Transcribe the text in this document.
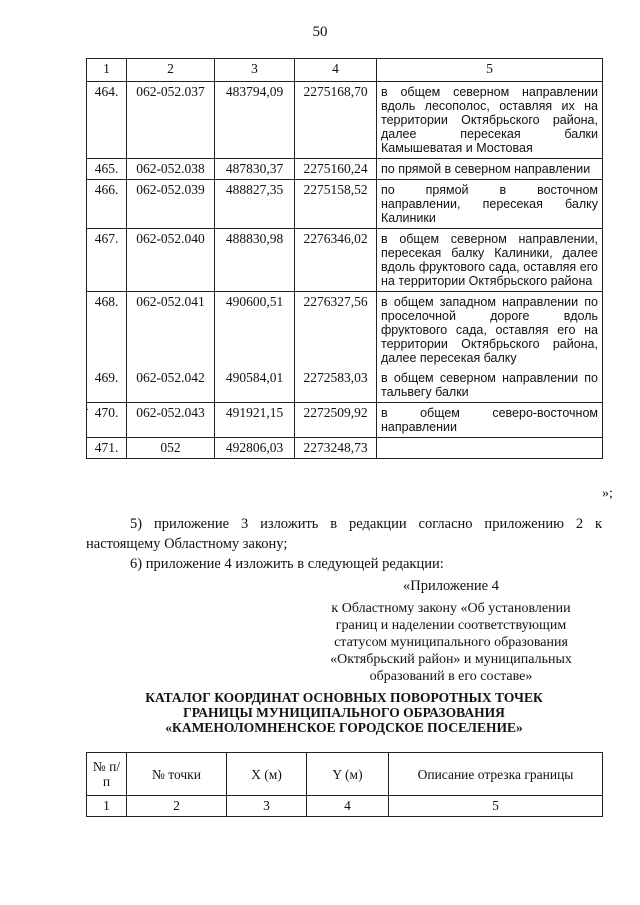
50
1	2	3	4	5
464.	062-052.037	483794,09	2275168,70	в общем северном направлении вдоль лесополос, оставляя их на территории Октябрьского района, далее пересекая балки Камышеватая и Мостовая
465.	062-052.038	487830,37	2275160,24	по прямой в северном направлении
466.	062-052.039	488827,35	2275158,52	по прямой в восточном направлении, пересекая балку Калиники
467.	062-052.040	488830,98	2276346,02	в общем северном направлении, пересекая балку Калиники, далее вдоль фруктового сада, оставляя его на территории Октябрьского района
468.	062-052.041	490600,51	2276327,56	в общем западном направлении по проселочной дороге вдоль фруктового сада, оставляя его на территории Октябрьского района, далее пересекая балку
469.	062-052.042	490584,01	2272583,03	в общем северном направлении по тальвегу балки
470.	062-052.043	491921,15	2272509,92	в общем северо-восточном направлении
471.	052	492806,03	2273248,73	
.
»;
5) приложение 3 изложить в редакции согласно приложению 2 к настоящему Областному закону;
6) приложение 4 изложить в следующей редакции:
«Приложение 4
к Областному закону «Об установлении
границ и наделении соответствующим
статусом муниципального образования
«Октябрьский район» и муниципальных
образований в его составе»
КАТАЛОГ КООРДИНАТ ОСНОВНЫХ ПОВОРОТНЫХ ТОЧЕК
ГРАНИЦЫ МУНИЦИПАЛЬНОГО ОБРАЗОВАНИЯ
«КАМЕНОЛОМНЕНСКОЕ ГОРОДСКОЕ ПОСЕЛЕНИЕ»
№ п/п	№ точки	X (м)	Y (м)	Описание отрезка границы
1	2	3	4	5
